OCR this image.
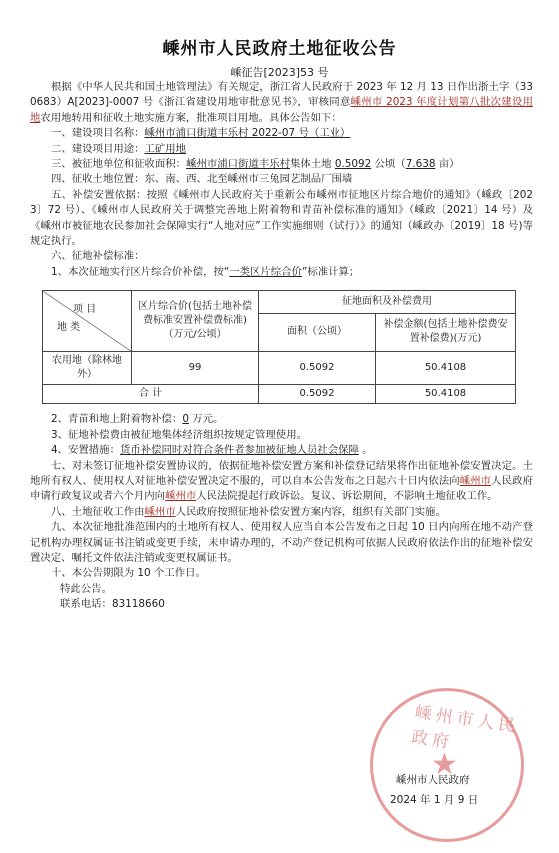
嵊州市人民政府土地征收公告
嵊征告[2023]53 号

根据《中华人民共和国土地管理法》有关规定，浙江省人民政府于 2023 年 12 月 13 日作出浙土字（330683）A[2023]-0007 号《浙江省建设用地审批意见书》，审核同意嵊州市 2023 年度计划第八批次建设用地农用地转用和征收土地实施方案，批准项目用地。具体公告如下：

一、建设项目名称：嵊州市浦口街道丰乐村 2022-07 号（工业）

二、建设项目用途：工矿用地

三、被征地单位和征收面积：嵊州市浦口街道丰乐村集体土地 0.5092 公顷（7.638 亩）

四、征收土地位置：东、南、西、北至嵊州市三兔园艺制品厂围墙

五、补偿安置依据：按照《嵊州市人民政府关于重新公布嵊州市征地区片综合地价的通知》（嵊政〔2023〕72 号）、《嵊州市人民政府关于调整完善地上附着物和青苗补偿标准的通知》（嵊政〔2021〕14 号）及《嵊州市被征地农民参加社会保障实行“人地对应”工作实施细则（试行）》的通知（嵊政办〔2019〕18 号)等规定执行。

六、征地补偿标准：

1、本次征地实行区片综合价补偿，按“一类区片综合价”标准计算；

项 目
地 类	区片综合价(包括土地补偿费标准安置补偿费标准)（万元/公顷）	征地面积及补偿费用	
		面积（公顷）	补偿金额(包括土地补偿费安置补偿费)(万元)
农用地（除林地外）	99	0.5092	50.4108
合 计		0.5092	50.4108

2、青苗和地上附着物补偿：0 万元。

3、征地补偿费由被征地集体经济组织按规定管理使用。

4、安置措施：货币补偿同时对符合条件者参加被征地人员社会保障 。

七、对未签订征地补偿安置协议的，依据征地补偿安置方案和补偿登记结果将作出征地补偿安置决定。土地所有权人、使用权人对征地补偿安置决定不服的，可以自本公告发布之日起六十日内依法向嵊州市人民政府申请行政复议或者六个月内向嵊州市人民法院提起行政诉讼。复议、诉讼期间，不影响土地征收工作。

八、土地征收工作由嵊州市人民政府按照征地补偿安置方案内容，组织有关部门实施。

九、本次征地批准范围内的土地所有权人、使用权人应当自本公告发布之日起 10 日内向所在地不动产登记机构办理权属证书注销或变更手续，未申请办理的，不动产登记机构可依据人民政府依法作出的征地补偿安置决定、嘱托文件依法注销或变更权属证书。

十、本公告期限为 10 个工作日。

特此公告。

联系电话：83118660

嵊州市人民政府
★
嵊州市人民政府
2024 年 1 月 9 日
